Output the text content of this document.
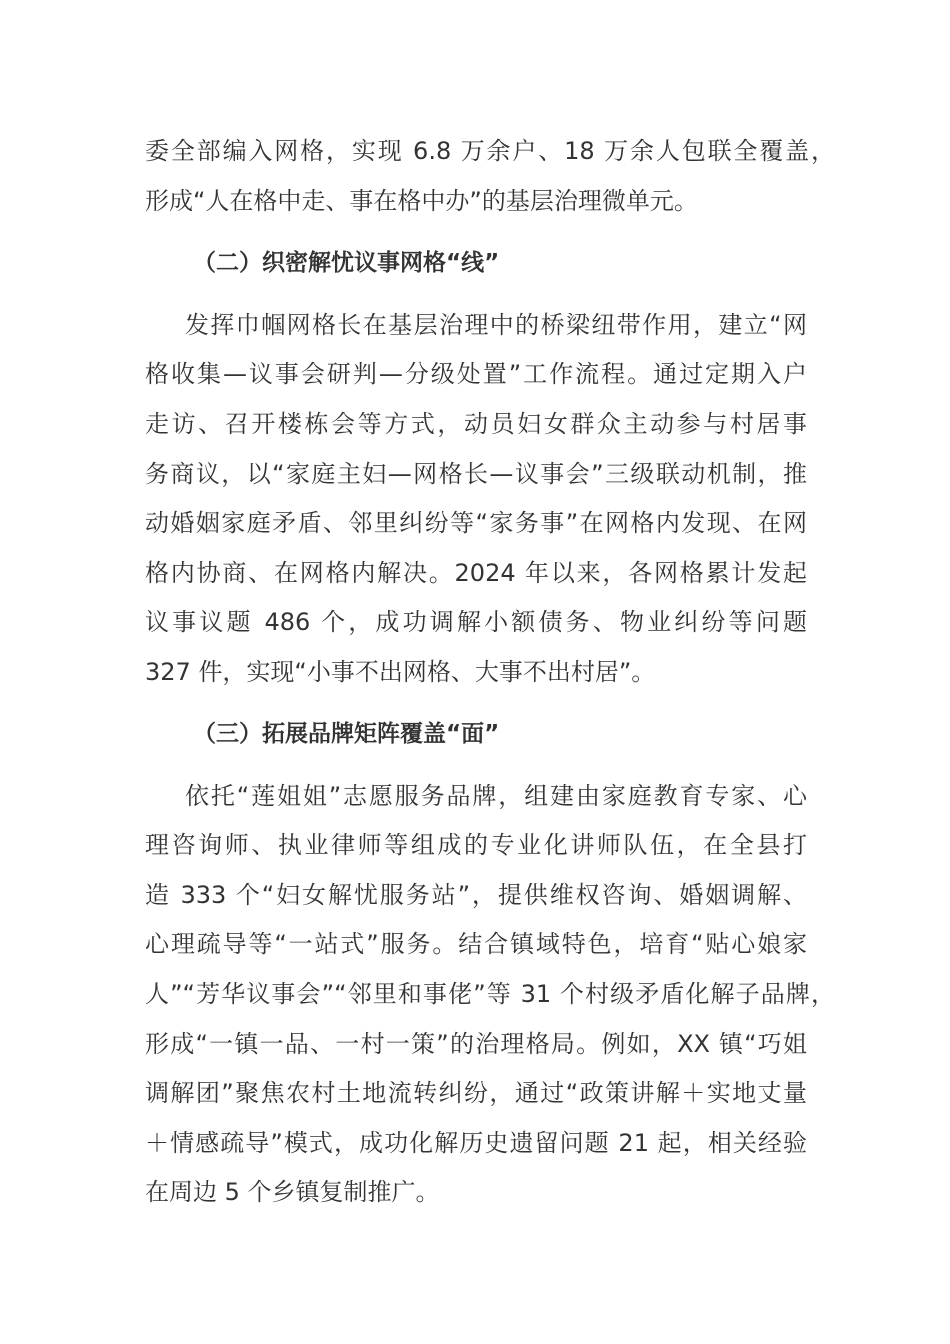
委全部编入网格，实现 6.8 万余户、18 万余人包联全覆盖，
形成“人在格中走、事在格中办”的基层治理微单元。
（二）织密解忧议事网格“线”
发挥巾帼网格长在基层治理中的桥梁纽带作用，建立“网
格收集—议事会研判—分级处置”工作流程。通过定期入户
走访、召开楼栋会等方式，动员妇女群众主动参与村居事
务商议，以“家庭主妇—网格长—议事会”三级联动机制，推
动婚姻家庭矛盾、邻里纠纷等“家务事”在网格内发现、在网
格内协商、在网格内解决。2024 年以来，各网格累计发起
议事议题 486 个，成功调解小额债务、物业纠纷等问题
327 件，实现“小事不出网格、大事不出村居”。
（三）拓展品牌矩阵覆盖“面”
依托“莲姐姐”志愿服务品牌，组建由家庭教育专家、心
理咨询师、执业律师等组成的专业化讲师队伍，在全县打
造 333 个“妇女解忧服务站”，提供维权咨询、婚姻调解、
心理疏导等“一站式”服务。结合镇域特色，培育“贴心娘家
人”“芳华议事会”“邻里和事佬”等 31 个村级矛盾化解子品牌，
形成“一镇一品、一村一策”的治理格局。例如，XX 镇“巧姐
调解团”聚焦农村土地流转纠纷，通过“政策讲解＋实地丈量
＋情感疏导”模式，成功化解历史遗留问题 21 起，相关经验
在周边 5 个乡镇复制推广。
